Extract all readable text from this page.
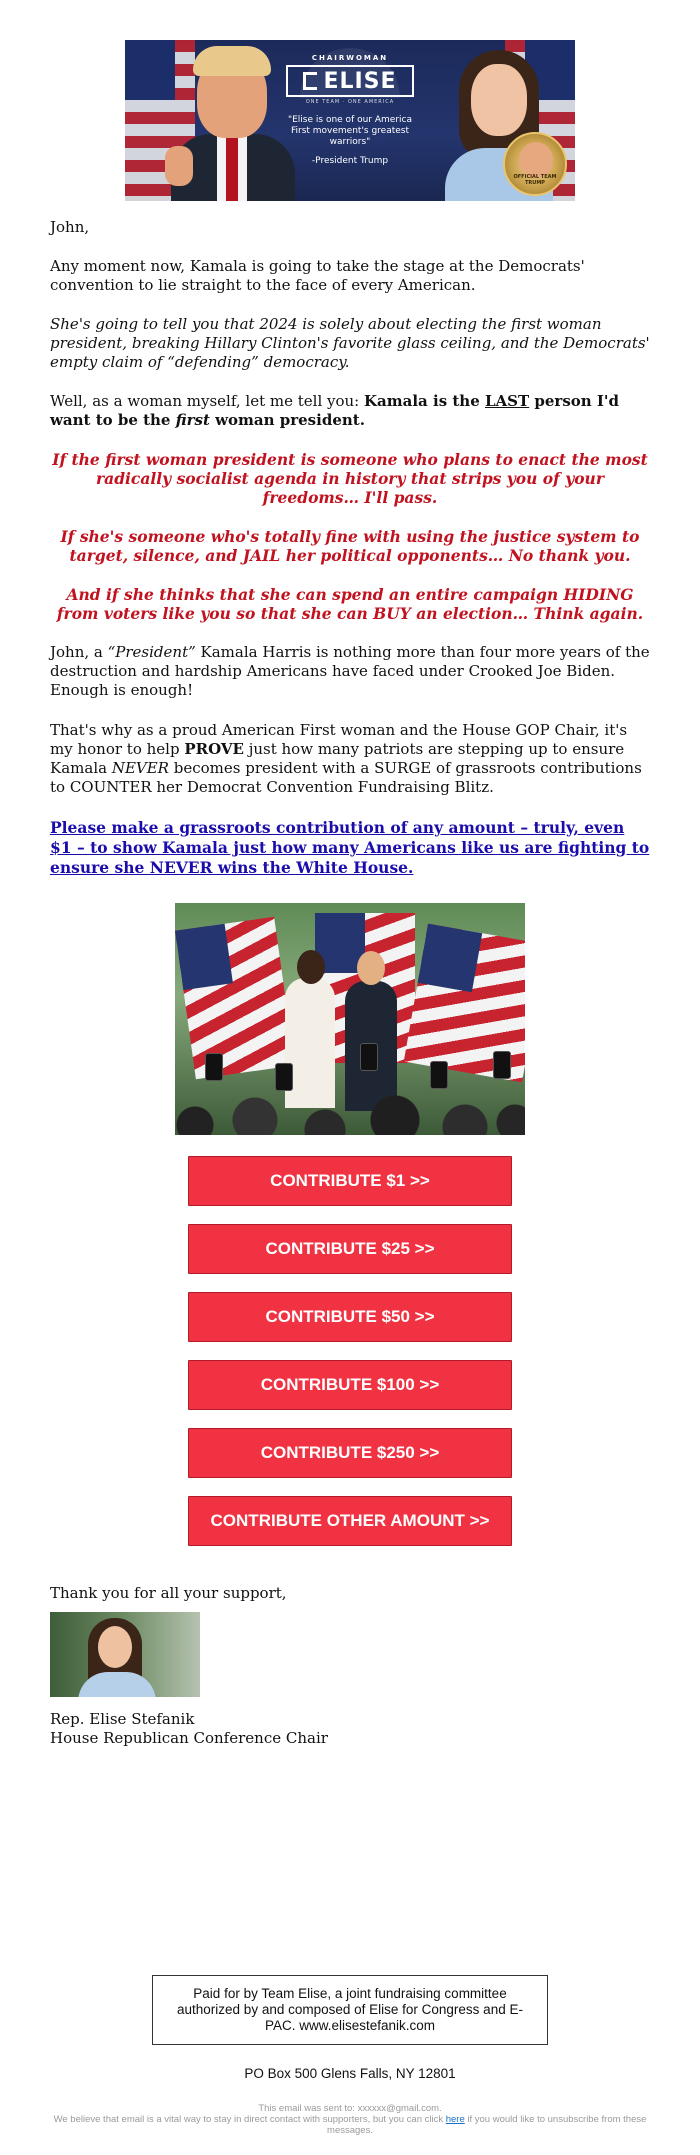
CHAIRWOMAN
ELISE
ONE TEAM · ONE AMERICA
"Elise is one of our America First movement's greatest warriors"
-President Trump
OFFICIAL TEAM TRUMP

John,

Any moment now, Kamala is going to take the stage at the Democrats' convention to lie straight to the face of every American.

She's going to tell you that 2024 is solely about electing the first woman president, breaking Hillary Clinton's favorite glass ceiling, and the Democrats' empty claim of “defending” democracy.

Well, as a woman myself, let me tell you: Kamala is the LAST person I'd want to be the first woman president.

If the first woman president is someone who plans to enact the most radically socialist agenda in history that strips you of your freedoms… I'll pass.

If she's someone who's totally fine with using the justice system to target, silence, and JAIL her political opponents… No thank you.

And if she thinks that she can spend an entire campaign HIDING from voters like you so that she can BUY an election… Think again.

John, a “President” Kamala Harris is nothing more than four more years of the destruction and hardship Americans have faced under Crooked Joe Biden. Enough is enough!

That's why as a proud American First woman and the House GOP Chair, it's my honor to help PROVE just how many patriots are stepping up to ensure Kamala NEVER becomes president with a SURGE of grassroots contributions to COUNTER her Democrat Convention Fundraising Blitz.

Please make a grassroots contribution of any amount – truly, even $1 – to show Kamala just how many Americans like us are fighting to ensure she NEVER wins the White House.
CONTRIBUTE $1 >>
CONTRIBUTE $25 >>
CONTRIBUTE $50 >>
CONTRIBUTE $100 >>
CONTRIBUTE $250 >>
CONTRIBUTE OTHER AMOUNT >>

Thank you for all your support,

Rep. Elise Stefanik

House Republican Conference Chair

Paid for by Team Elise, a joint fundraising committee authorized by and composed of Elise for Congress and E-PAC. www.elisestefanik.com
PO Box 500 Glens Falls, NY 12801
This email was sent to: xxxxxx@gmail.com.
We believe that email is a vital way to stay in direct contact with supporters, but you can click here if you would like to unsubscribe from these messages.
